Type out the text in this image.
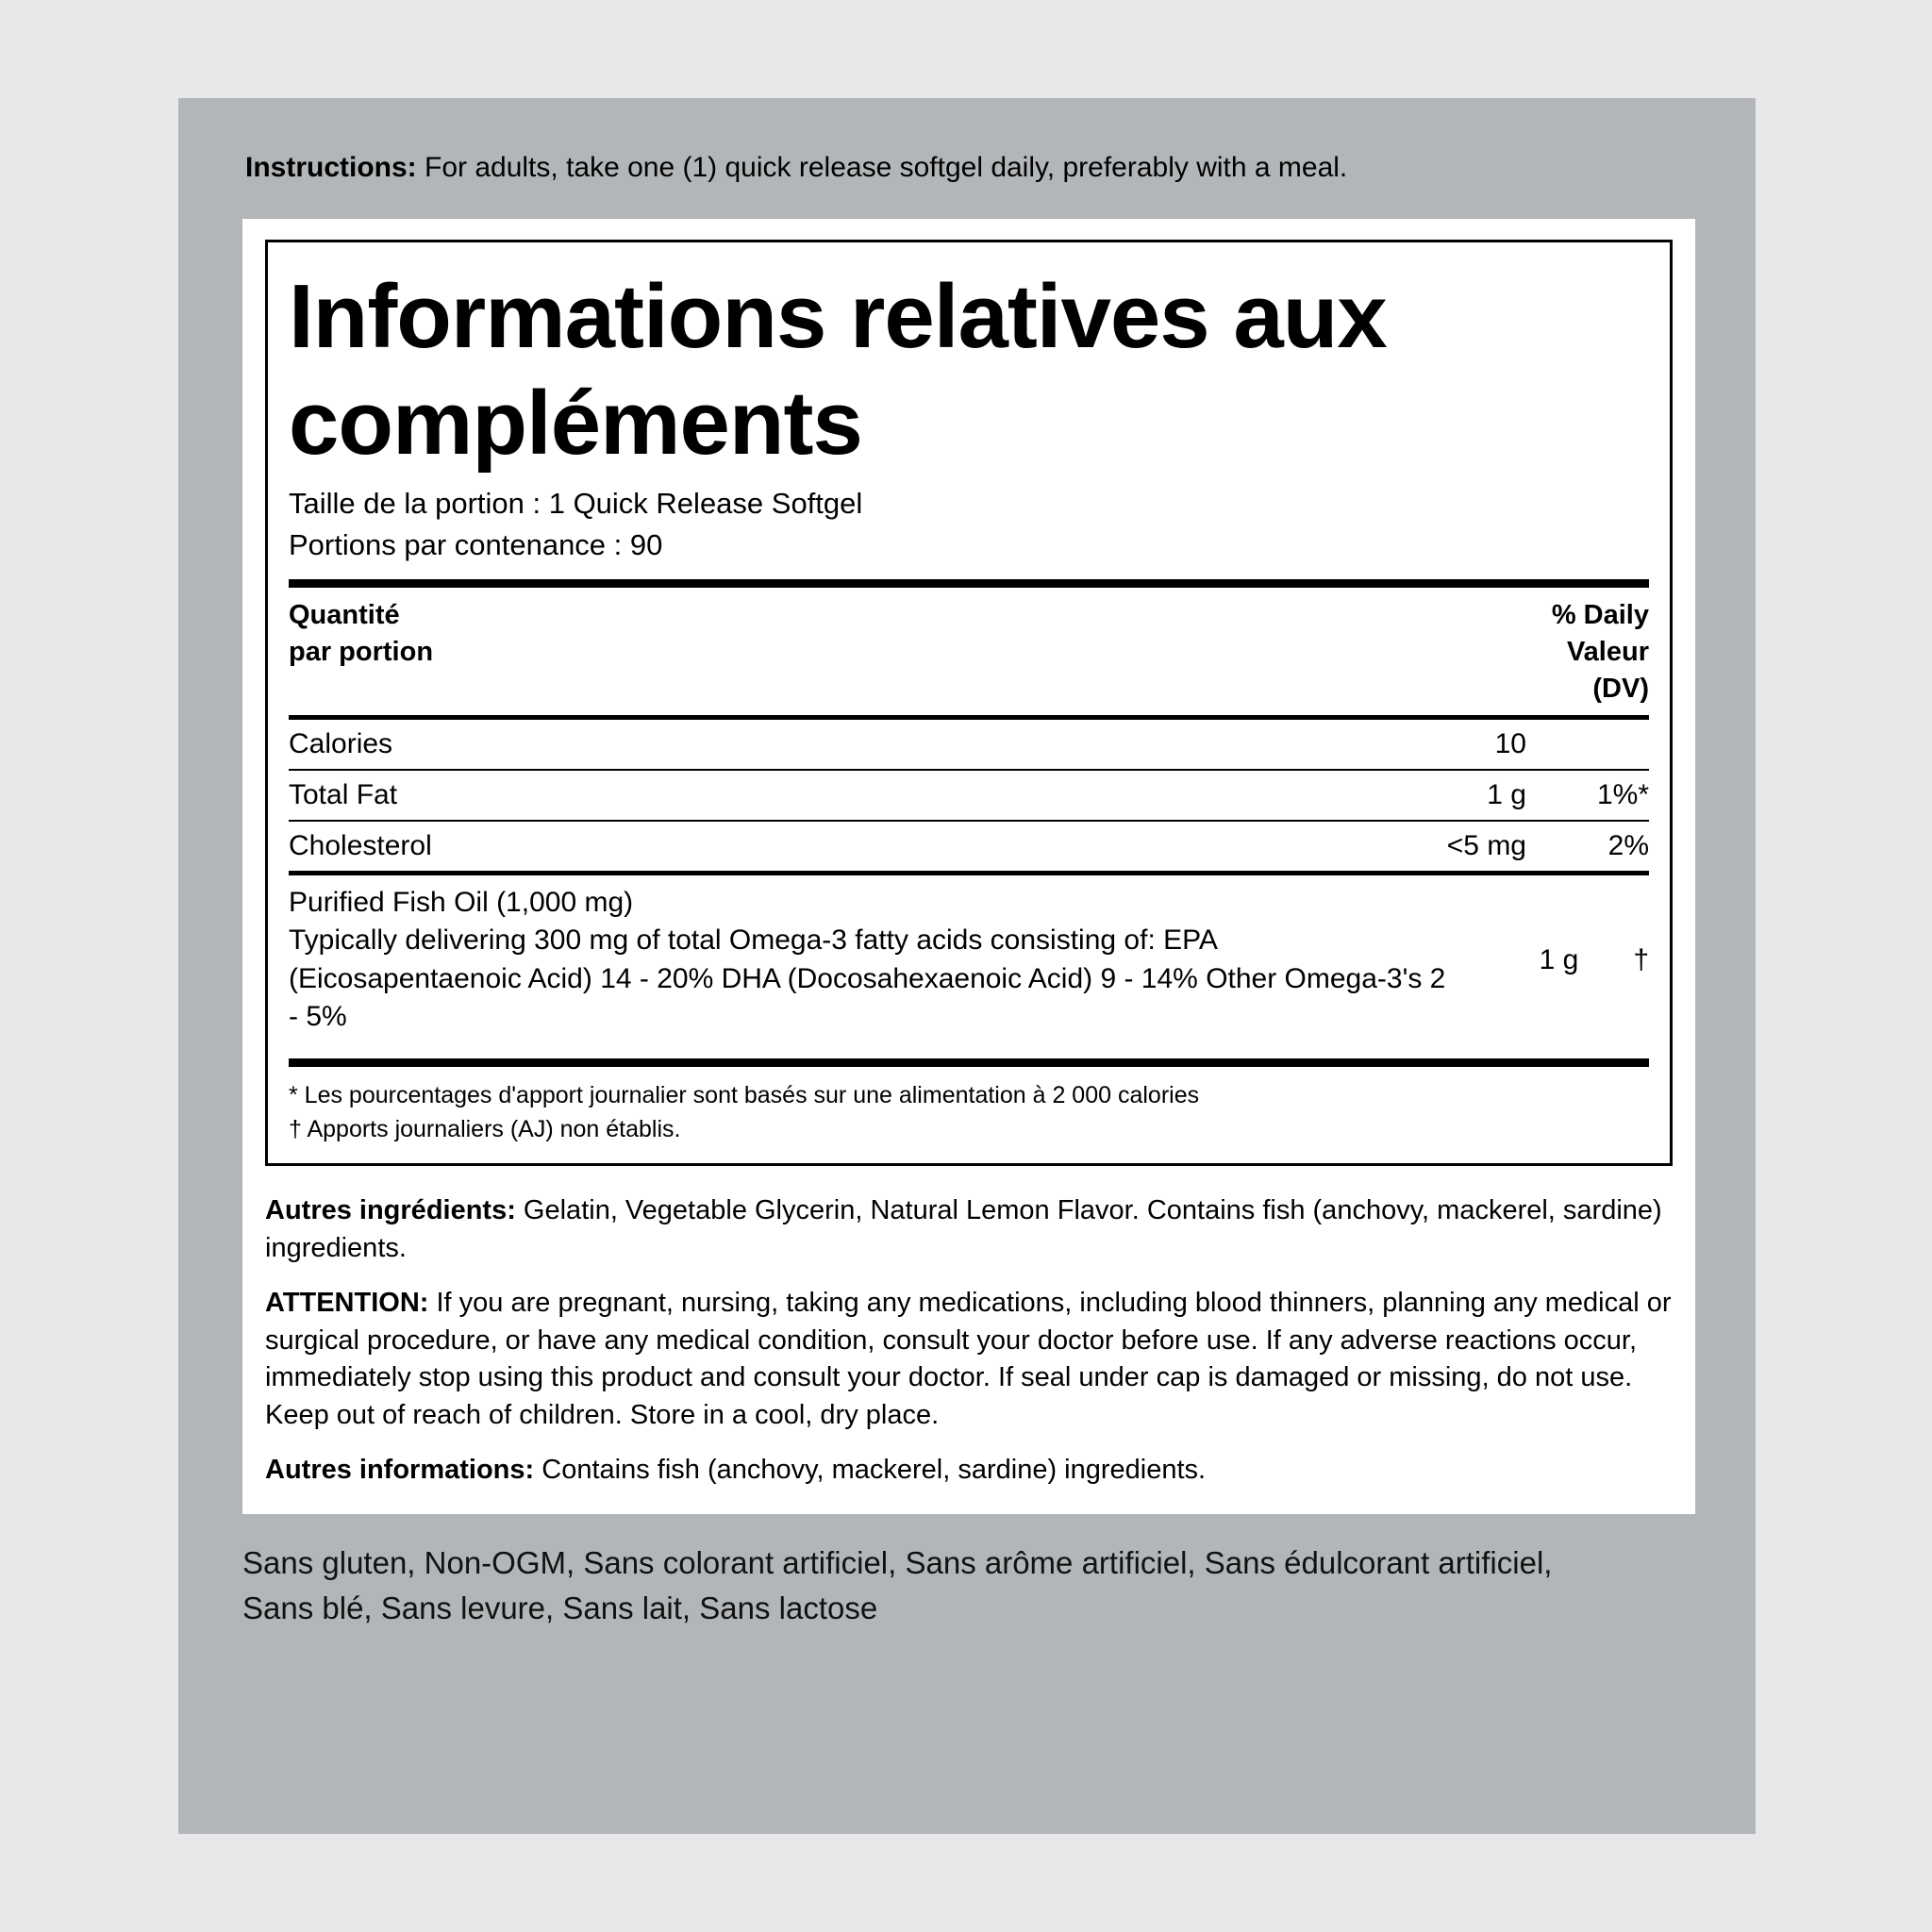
Instructions: For adults, take one (1) quick release softgel daily, preferably with a meal.
Informations relatives aux compléments
Taille de la portion : 1 Quick Release Softgel
Portions par contenance : 90
Quantité
par portion
% Daily
Valeur
(DV)
Calories	10
Total Fat	1 g	1%*
Cholesterol	<5 mg	2%
Purified Fish Oil (1,000 mg)
Typically delivering 300 mg of total Omega-3 fatty acids consisting of: EPA (Eicosapentaenoic Acid) 14 - 20% DHA (Docosahexaenoic Acid) 9 - 14% Other Omega-3's 2 - 5%
1 g	†
* Les pourcentages d'apport journalier sont basés sur une alimentation à 2 000 calories
† Apports journaliers (AJ) non établis.

Autres ingrédients: Gelatin, Vegetable Glycerin, Natural Lemon Flavor. Contains fish (anchovy, mackerel, sardine) ingredients.

ATTENTION: If you are pregnant, nursing, taking any medications, including blood thinners, planning any medical or surgical procedure, or have any medical condition, consult your doctor before use. If any adverse reactions occur, immediately stop using this product and consult your doctor. If seal under cap is damaged or missing, do not use. Keep out of reach of children. Store in a cool, dry place.

Autres informations: Contains fish (anchovy, mackerel, sardine) ingredients.

Sans gluten, Non-OGM, Sans colorant artificiel, Sans arôme artificiel, Sans édulcorant artificiel,
Sans blé, Sans levure, Sans lait, Sans lactose
